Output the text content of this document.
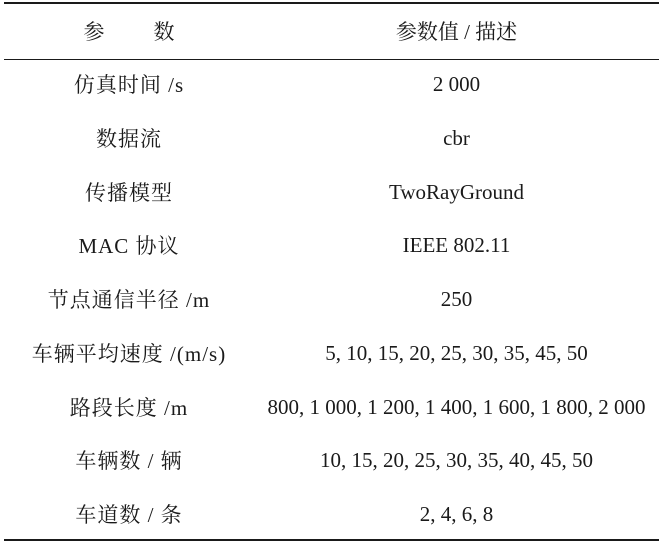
参　数	参数值 / 描述
仿真时间 /s	2 000
数据流	cbr
传播模型	TwoRayGround
MAC 协议	IEEE 802.11
节点通信半径 /m	250
车辆平均速度 /(m/s)	5, 10, 15, 20, 25, 30, 35, 45, 50
路段长度 /m	800, 1 000, 1 200, 1 400, 1 600, 1 800, 2 000
车辆数 / 辆	10, 15, 20, 25, 30, 35, 40, 45, 50
车道数 / 条	2, 4, 6, 8
